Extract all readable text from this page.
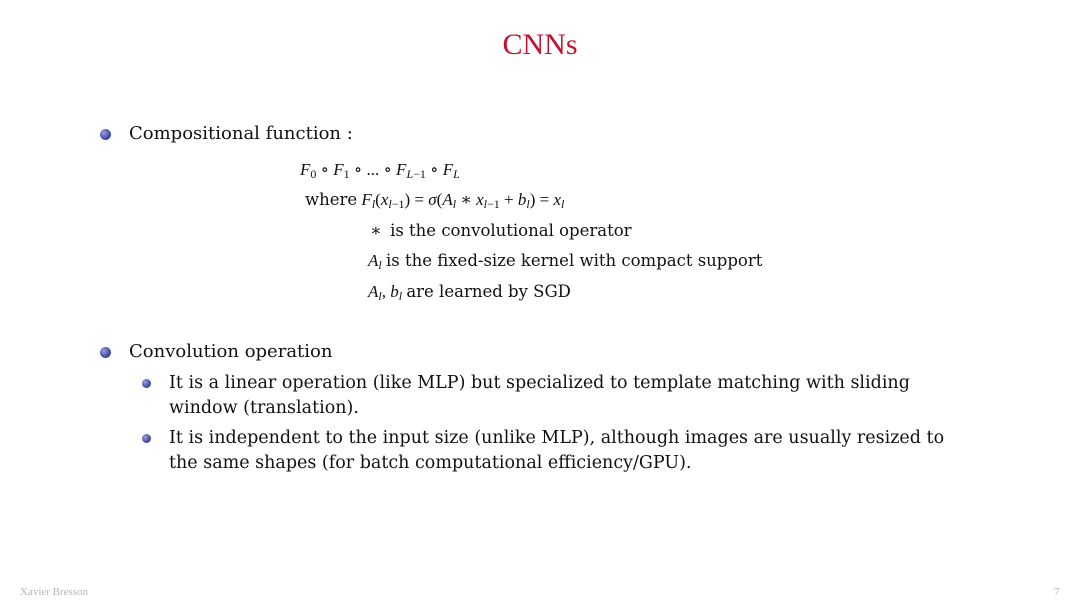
CNNs
Compositional function :
$F_0$ ∘ $F_1$ ∘ ... ∘ $F_{L-1}$ ∘ $F_L$
where $F_l(x_{l-1}) = \sigma(A_l$ ∗ $x_{l-1} + b_l) = x_l$
∗  is the convolutional operator
$A_l$ is the fixed-size kernel with compact support
$A_l$, $b_l$ are learned by SGD
Convolution operation
It is a linear operation (like MLP) but specialized to template matching with sliding window (translation).
It is independent to the input size (unlike MLP), although images are usually resized to the same shapes (for batch computational efficiency/GPU).
Xavier Bresson	7
